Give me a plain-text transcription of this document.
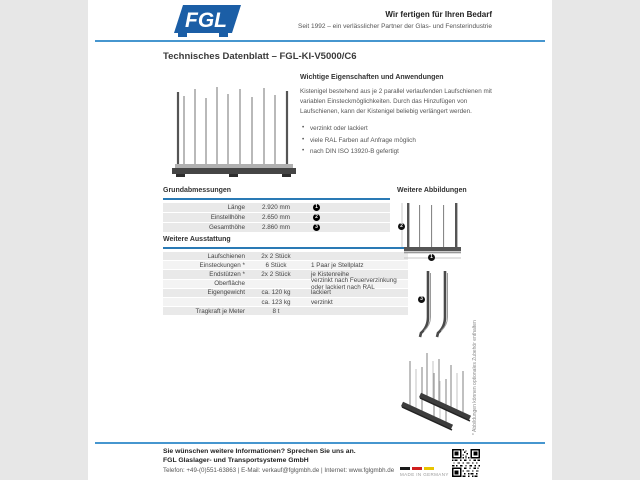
FGL	Wir fertigen für Ihren Bedarf
Seit 1992 – ein verlässlicher Partner der Glas- und Fensterindustrie
Technisches Datenblatt – FGL-KI-V5000/C6
Wichtige Eigenschaften und Anwendungen

Kistenigel bestehend aus je 2 parallel verlaufenden Laufschienen mit variablen Einsteckmöglichkeiten. Durch das Hinzufügen von Laufschienen, kann der Kistenigel beliebig verlängert werden.

• verzinkt oder lackiert
• viele RAL Farben auf Anfrage möglich
• nach DIN ISO 13920-B gefertigt
Grundabmessungen
Länge	2.920 mm	1
Einstellhöhe	2.650 mm	2
Gesamthöhe	2.860 mm	3
Weitere Ausstattung
Laufschienen	2x 2 Stück
Einsteckungen *	6 Stück	1 Paar je Stellplatz
Endstützen *	2x 2 Stück	je Kistenreihe
Oberfläche	verzinkt nach Feuerverzinkung oder lackiert nach RAL
Eigengewicht	ca. 120 kg	lackiert
ca. 123 kg	verzinkt
Tragkraft je Meter	8 t
Weitere Abbildungen
2
1
3
* Abbildungen können optionales Zubehör enthalten
Sie wünschen weitere Informationen? Sprechen Sie uns an.
FGL Glaslager- und Transportsysteme GmbH
Telefon: +49-(0)551-63863 | E-Mail: verkauf@fglgmbh.de | Internet: www.fglgmbh.de
MADE IN GERMANY
